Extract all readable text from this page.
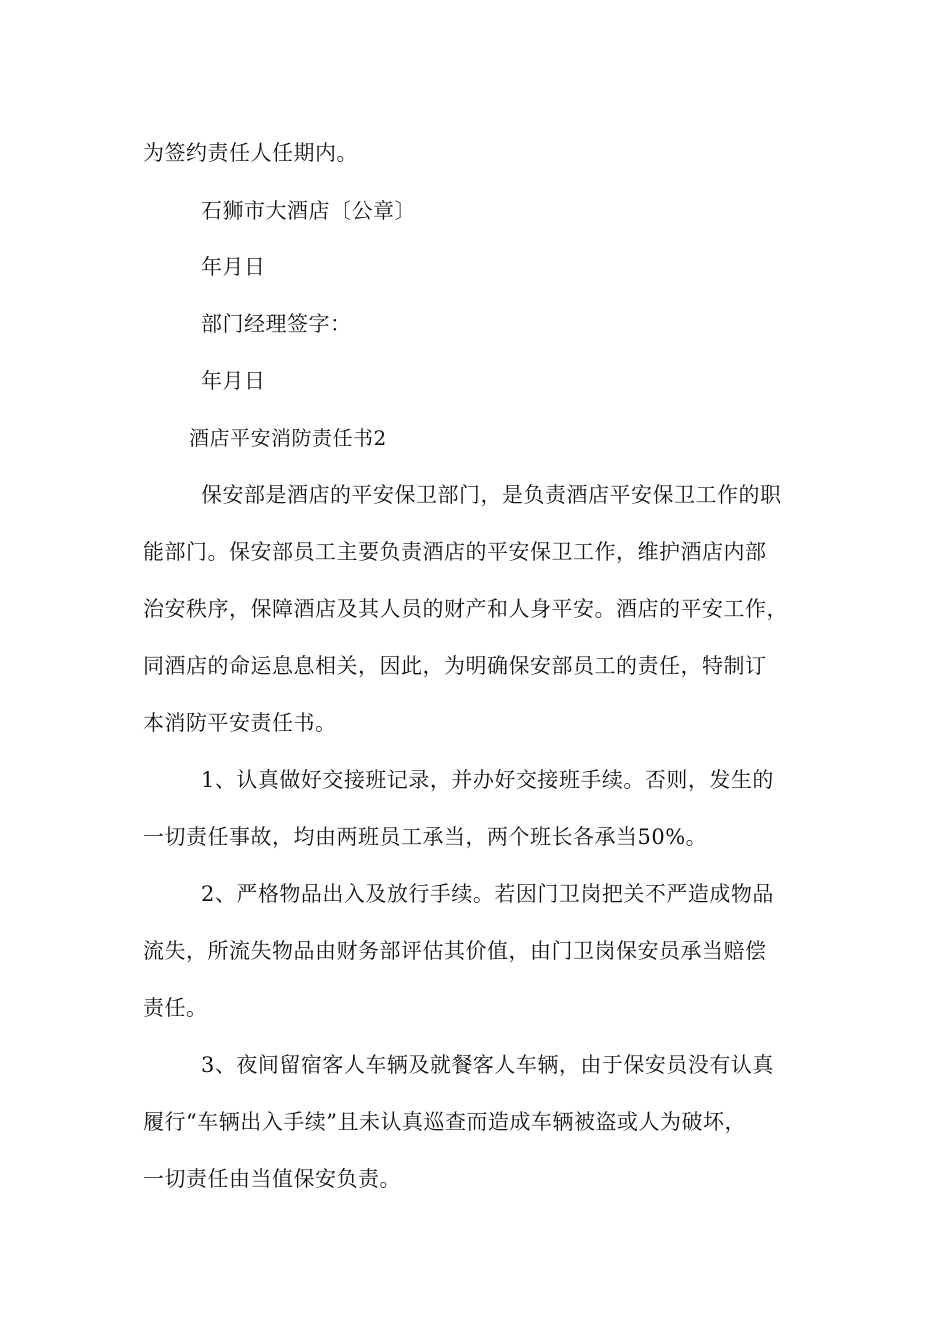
为签约责任人任期内。
石狮市大酒店〔公章〕
年月日
部门经理签字：
年月日
酒店平安消防责任书2
保安部是酒店的平安保卫部门，是负责酒店平安保卫工作的职
能部门。保安部员工主要负责酒店的平安保卫工作，维护酒店内部
治安秩序，保障酒店及其人员的财产和人身平安。酒店的平安工作，
同酒店的命运息息相关，因此，为明确保安部员工的责任，特制订
本消防平安责任书。
1、认真做好交接班记录，并办好交接班手续。否则，发生的
一切责任事故，均由两班员工承当，两个班长各承当50%。
2、严格物品出入及放行手续。若因门卫岗把关不严造成物品
流失，所流失物品由财务部评估其价值，由门卫岗保安员承当赔偿
责任。
3、夜间留宿客人车辆及就餐客人车辆，由于保安员没有认真
履行“车辆出入手续”且未认真巡查而造成车辆被盗或人为破坏，
一切责任由当值保安负责。
